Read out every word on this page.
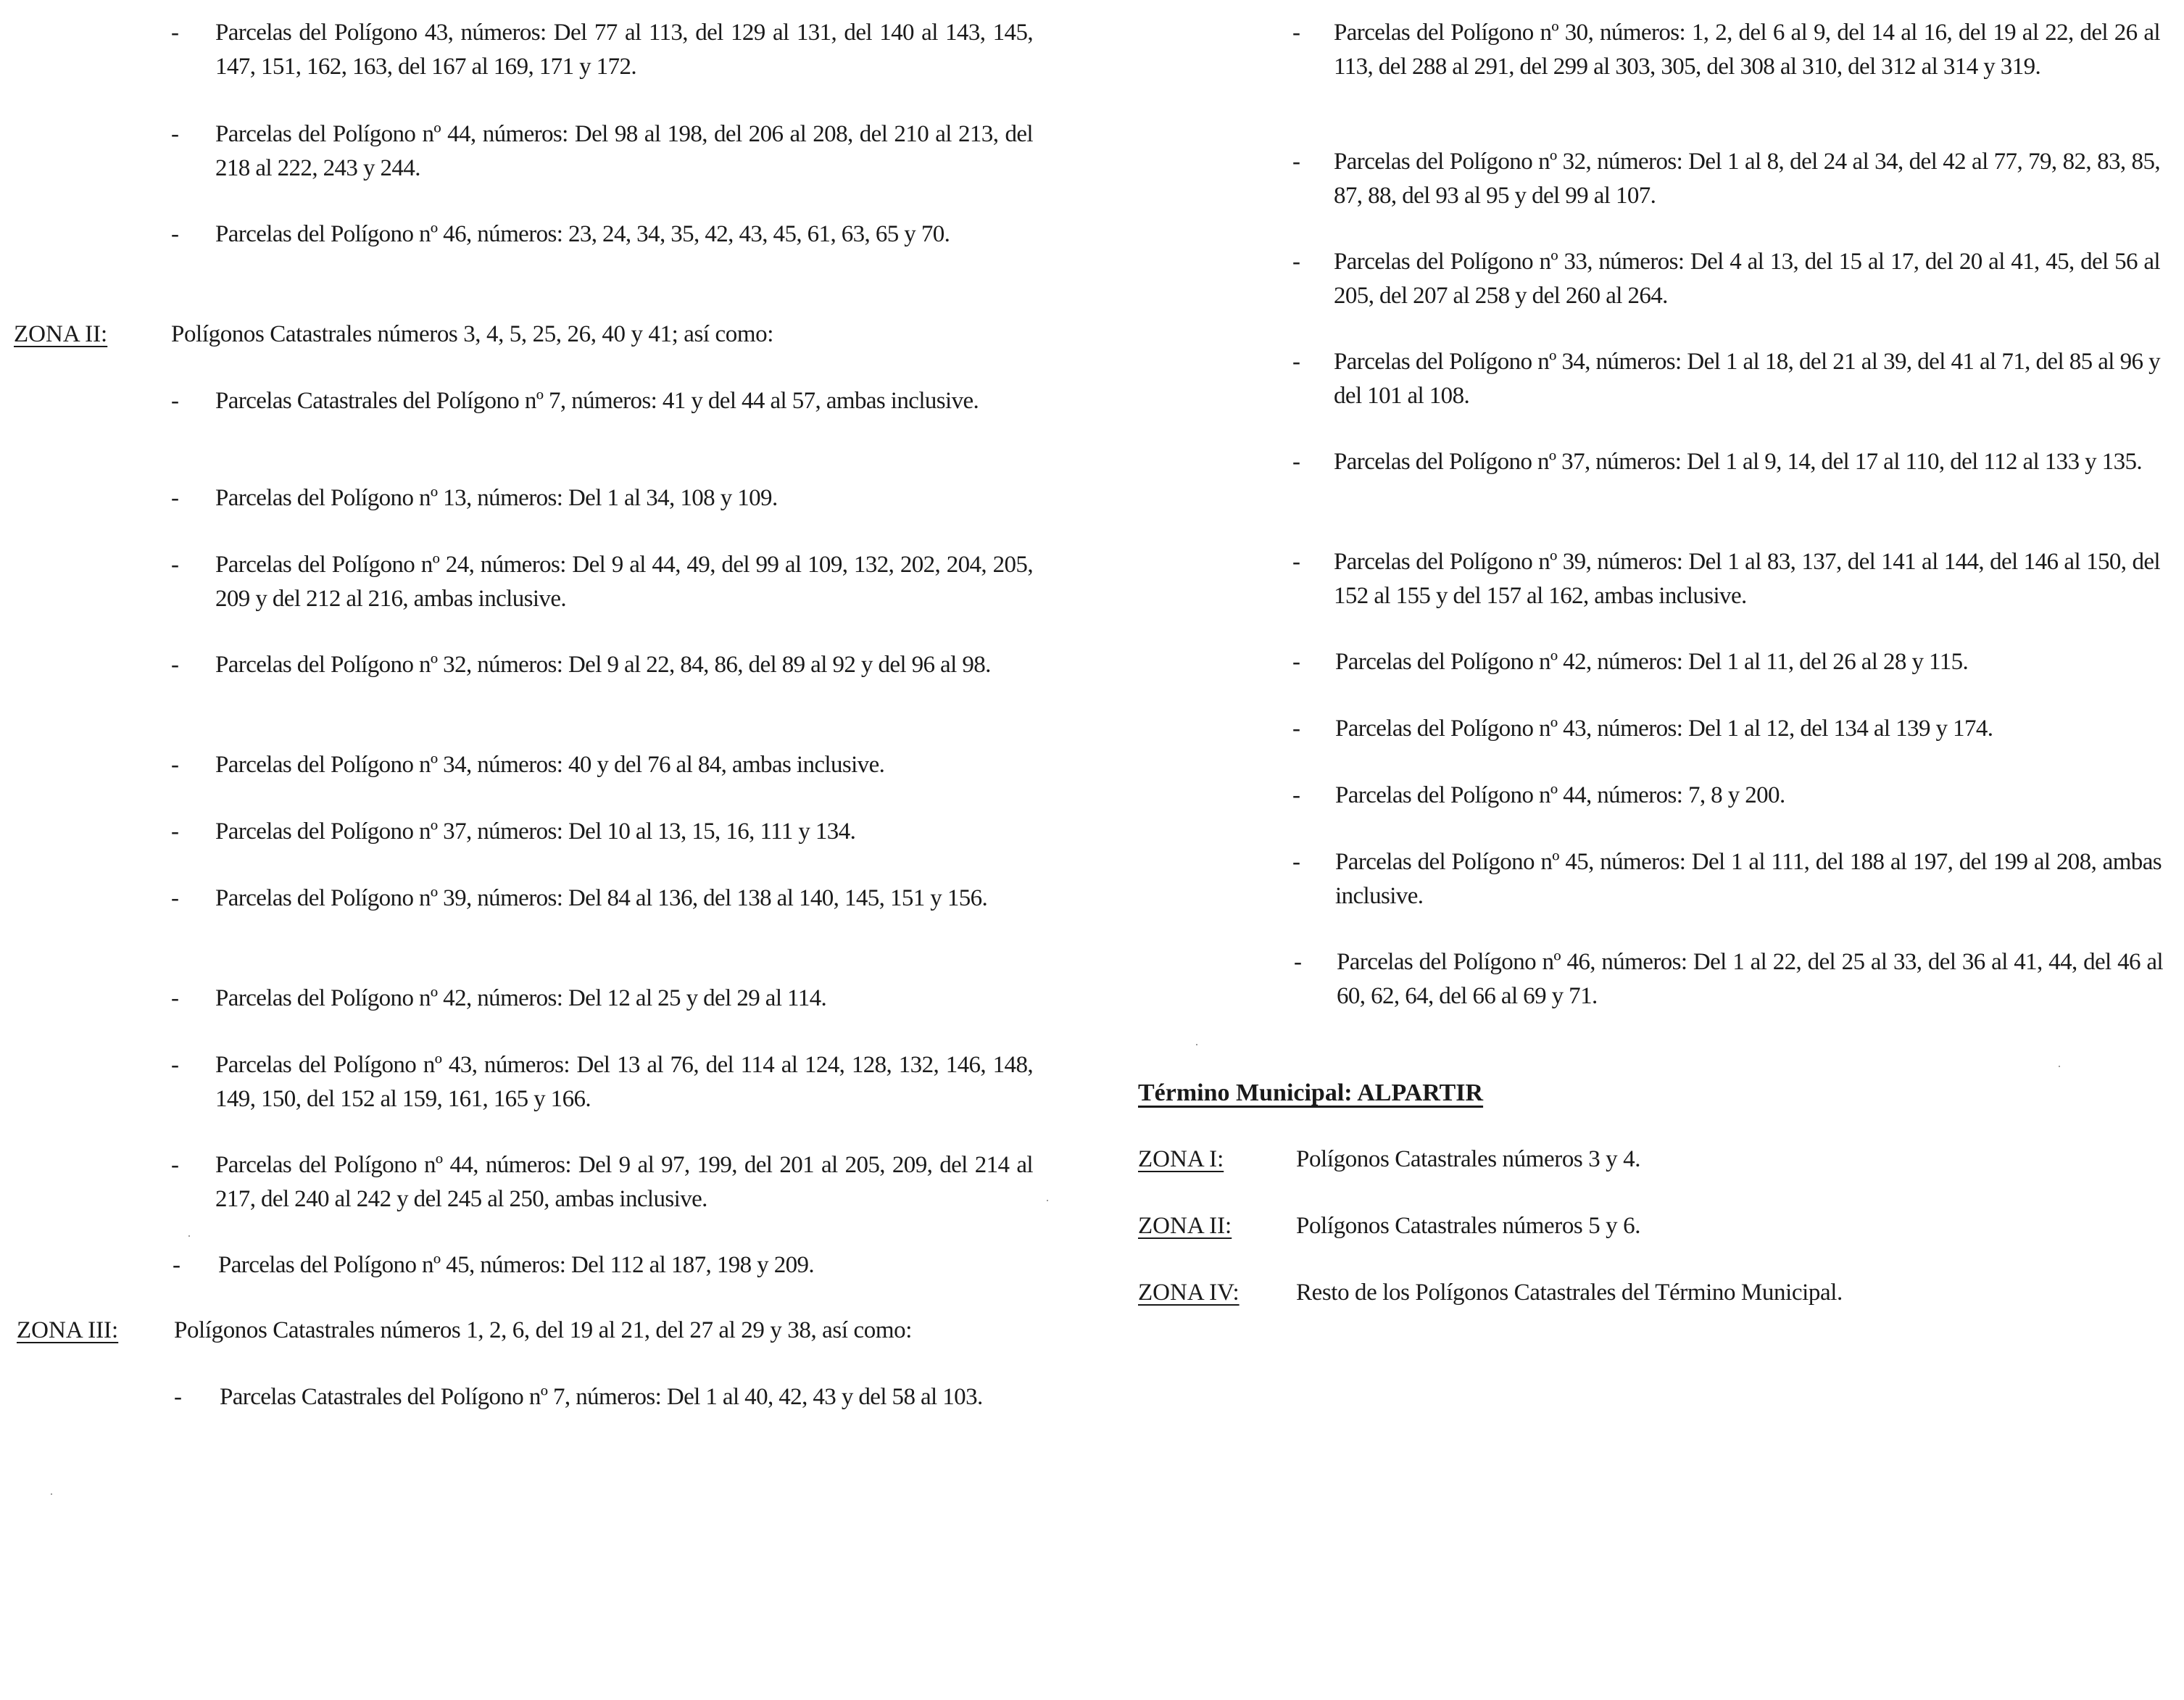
- Parcelas del Polígono 43, números: Del 77 al 113, del 129 al 131, del 140 al 143, 145, 147, 151, 162, 163, del 167 al 169, 171 y 172.
- Parcelas del Polígono nº 44, números: Del 98 al 198, del 206 al 208, del 210 al 213, del 218 al 222, 243 y 244.
- Parcelas del Polígono nº 46, números: 23, 24, 34, 35, 42, 43, 45, 61, 63, 65 y 70.
ZONA II:	Polígonos Catastrales números 3, 4, 5, 25, 26, 40 y 41; así como:
- Parcelas Catastrales del Polígono nº 7, números: 41 y del 44 al 57, ambas inclusive.
- Parcelas del Polígono nº 13, números: Del 1 al 34, 108 y 109.
- Parcelas del Polígono nº 24, números: Del 9 al 44, 49, del 99 al 109, 132, 202, 204, 205, 209 y del 212 al 216, ambas inclusive.
- Parcelas del Polígono nº 32, números: Del 9 al 22, 84, 86, del 89 al 92 y del 96 al 98.
- Parcelas del Polígono nº 34, números: 40 y del 76 al 84, ambas inclusive.
- Parcelas del Polígono nº 37, números: Del 10 al 13, 15, 16, 111 y 134.
- Parcelas del Polígono nº 39, números: Del 84 al 136, del 138 al 140, 145, 151 y 156.
- Parcelas del Polígono nº 42, números: Del 12 al 25 y del 29 al 114.
- Parcelas del Polígono nº 43, números: Del 13 al 76, del 114 al 124, 128, 132, 146, 148, 149, 150, del 152 al 159, 161, 165 y 166.
- Parcelas del Polígono nº 44, números: Del 9 al 97, 199, del 201 al 205, 209, del 214 al 217, del 240 al 242 y del 245 al 250, ambas inclusive.
- Parcelas del Polígono nº 45, números: Del 112 al 187, 198 y 209.
ZONA III: Polígonos Catastrales números 1, 2, 6, del 19 al 21, del 27 al 29 y 38, así como:
- Parcelas Catastrales del Polígono nº 7, números: Del 1 al 40, 42, 43 y del 58 al 103.
- Parcelas del Polígono nº 30, números: 1, 2, del 6 al 9, del 14 al 16, del 19 al 22, del 26 al 113, del 288 al 291, del 299 al 303, 305, del 308 al 310, del 312 al 314 y 319.
- Parcelas del Polígono nº 32, números: Del 1 al 8, del 24 al 34, del 42 al 77, 79, 82, 83, 85, 87, 88, del 93 al 95 y del 99 al 107.
- Parcelas del Polígono nº 33, números: Del 4 al 13, del 15 al 17, del 20 al 41, 45, del 56 al 205, del 207 al 258 y del 260 al 264.
- Parcelas del Polígono nº 34, números: Del 1 al 18, del 21 al 39, del 41 al 71, del 85 al 96 y del 101 al 108.
- Parcelas del Polígono nº 37, números: Del 1 al 9, 14, del 17 al 110, del 112 al 133 y 135.
- Parcelas del Polígono nº 39, números: Del 1 al 83, 137, del 141 al 144, del 146 al 150, del 152 al 155 y del 157 al 162, ambas inclusive.
- Parcelas del Polígono nº 42, números: Del 1 al 11, del 26 al 28 y 115.
- Parcelas del Polígono nº 43, números: Del 1 al 12, del 134 al 139 y 174.
- Parcelas del Polígono nº 44, números: 7, 8 y 200.
- Parcelas del Polígono nº 45, números: Del 1 al 111, del 188 al 197, del 199 al 208, ambas inclusive.
- Parcelas del Polígono nº 46, números: Del 1 al 22, del 25 al 33, del 36 al 41, 44, del 46 al 60, 62, 64, del 66 al 69 y 71.
Término Municipal: ALPARTIR
ZONA I:	Polígonos Catastrales números 3 y 4.
ZONA II:	Polígonos Catastrales números 5 y 6.
ZONA IV: Resto de los Polígonos Catastrales del Término Municipal.
